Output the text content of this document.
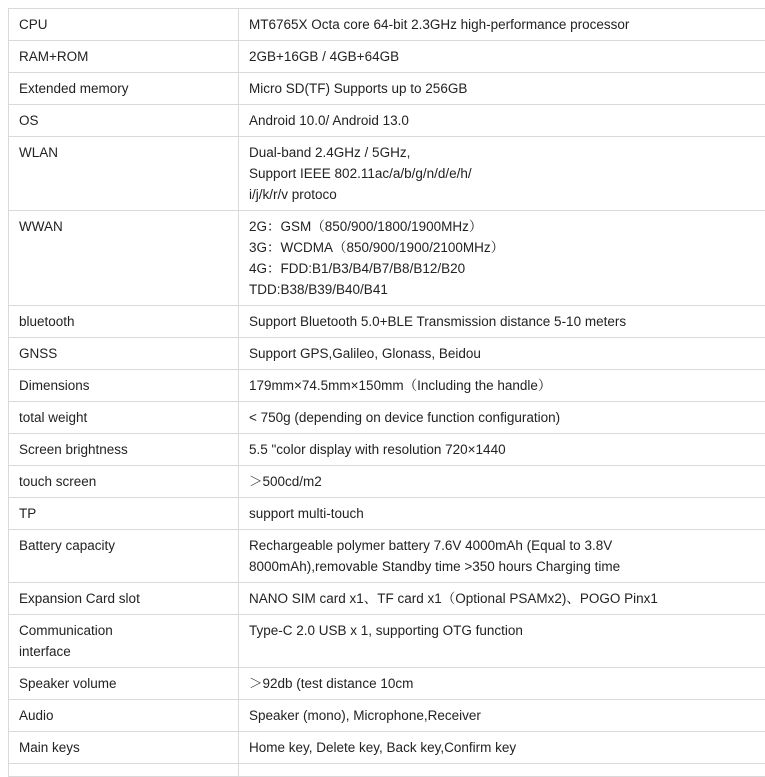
CPU	MT6765X Octa core 64-bit 2.3GHz high-performance processor
RAM+ROM	2GB+16GB / 4GB+64GB
Extended memory	Micro SD(TF) Supports up to 256GB
OS	Android 10.0/ Android 13.0
WLAN	Dual-band 2.4GHz / 5GHz,
Support IEEE 802.11ac/a/b/g/n/d/e/h/
i/j/k/r/v protoco
WWAN	2G：GSM（850/900/1800/1900MHz）
3G：WCDMA（850/900/1900/2100MHz）
4G：FDD:B1/B3/B4/B7/B8/B12/B20
TDD:B38/B39/B40/B41
bluetooth	Support Bluetooth 5.0+BLE Transmission distance 5-10 meters
GNSS	Support GPS,Galileo, Glonass, Beidou
Dimensions	179mm×74.5mm×150mm（Including the handle）
total weight	< 750g (depending on device function configuration)
Screen brightness	5.5 "color display with resolution 720×1440
touch screen	＞500cd/m2
TP	support multi-touch
Battery capacity	Rechargeable polymer battery 7.6V 4000mAh (Equal to 3.8V
8000mAh),removable Standby time >350 hours Charging time
Expansion Card slot	NANO SIM card x1、TF card x1（Optional PSAMx2)、POGO Pinx1
Communication
interface	Type-C 2.0 USB x 1, supporting OTG function
Speaker volume	＞92db (test distance 10cm
Audio	Speaker (mono), Microphone,Receiver
Main keys	Home key, Delete key, Back key,Confirm key
